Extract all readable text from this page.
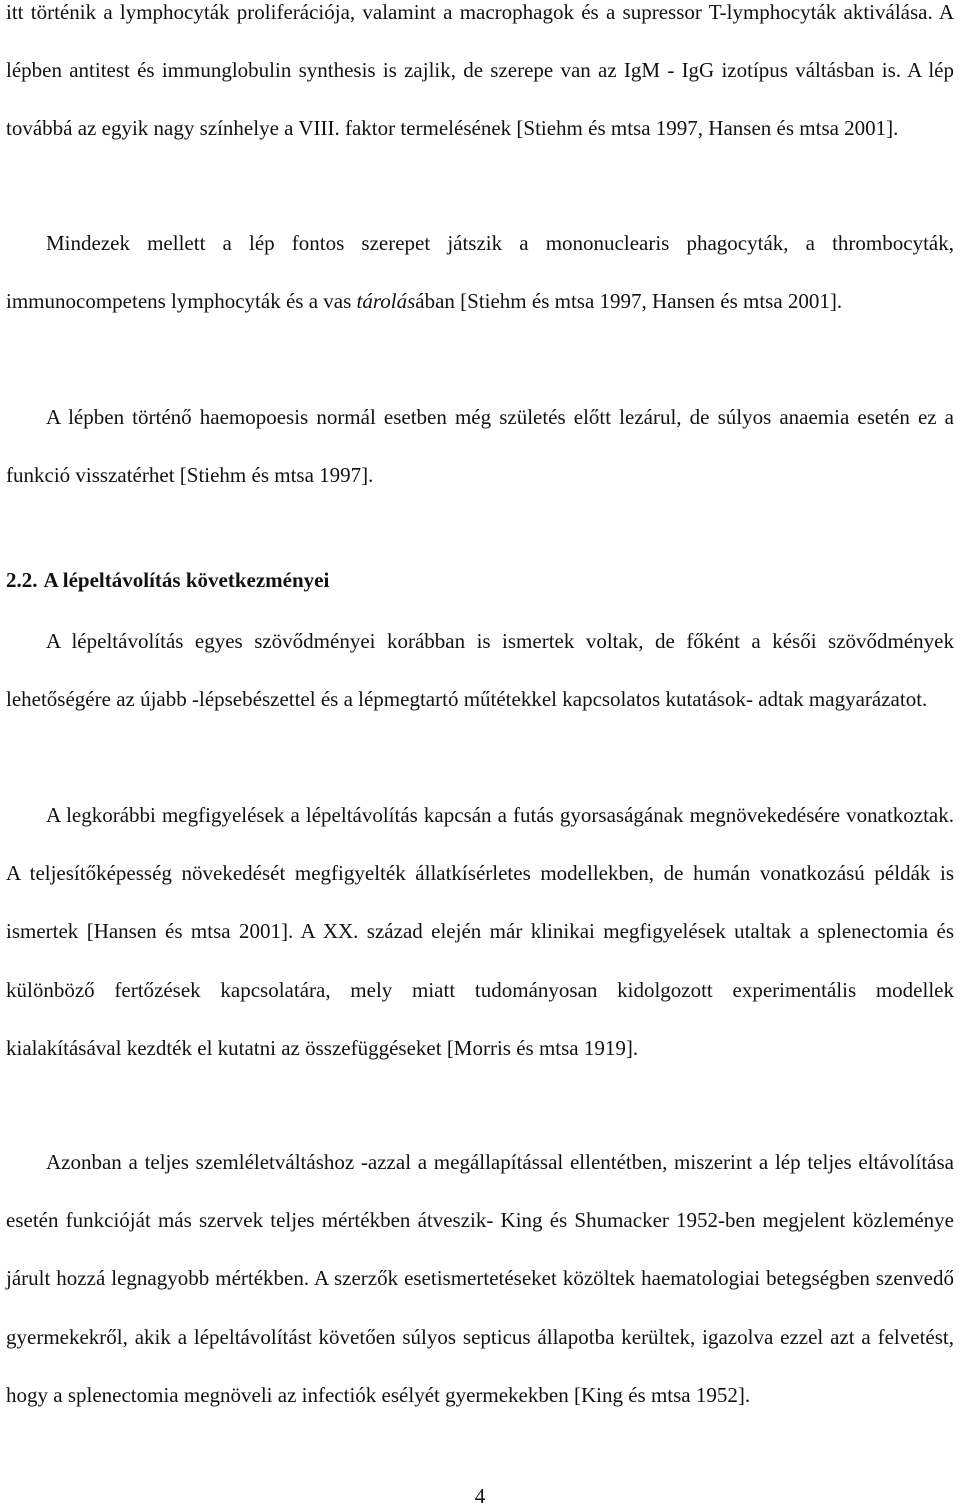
itt történik a lymphocyták proliferációja, valamint a macrophagok és a supressor T-lymphocyták aktiválása. A lépben antitest és immunglobulin synthesis is zajlik, de szerepe van az IgM - IgG izotípus váltásban is. A lép továbbá az egyik nagy színhelye a VIII. faktor termelésének [Stiehm és mtsa 1997, Hansen és mtsa 2001].

Mindezek mellett a lép fontos szerepet játszik a mononuclearis phagocyták, a thrombocyták, immunocompetens lymphocyták és a vas tárolásában [Stiehm és mtsa 1997, Hansen és mtsa 2001].

A lépben történő haemopoesis normál esetben még születés előtt lezárul, de súlyos anaemia esetén ez a funkció visszatérhet [Stiehm és mtsa 1997].

2.2. A lépeltávolítás következményei

A lépeltávolítás egyes szövődményei korábban is ismertek voltak, de főként a késői szövődmények lehetőségére az újabb -lépsebészettel és a lépmegtartó műtétekkel kapcsolatos kutatások- adtak magyarázatot.

A legkorábbi megfigyelések a lépeltávolítás kapcsán a futás gyorsaságának megnövekedésére vonatkoztak. A teljesítőképesség növekedését megfigyelték állatkísérletes modellekben, de humán vonatkozású példák is ismertek [Hansen és mtsa 2001]. A XX. század elején már klinikai megfigyelések utaltak a splenectomia és különböző fertőzések kapcsolatára, mely miatt tudományosan kidolgozott experimentális modellek kialakításával kezdték el kutatni az összefüggéseket [Morris és mtsa 1919].

Azonban a teljes szemléletváltáshoz -azzal a megállapítással ellentétben, miszerint a lép teljes eltávolítása esetén funkcióját más szervek teljes mértékben átveszik- King és Shumacker 1952-ben megjelent közleménye járult hozzá legnagyobb mértékben. A szerzők esetismertetéseket közöltek haematologiai betegségben szenvedő gyermekekről, akik a lépeltávolítást követően súlyos septicus állapotba kerültek, igazolva ezzel azt a felvetést, hogy a splenectomia megnöveli az infectiók esélyét gyermekekben [King és mtsa 1952].

4
